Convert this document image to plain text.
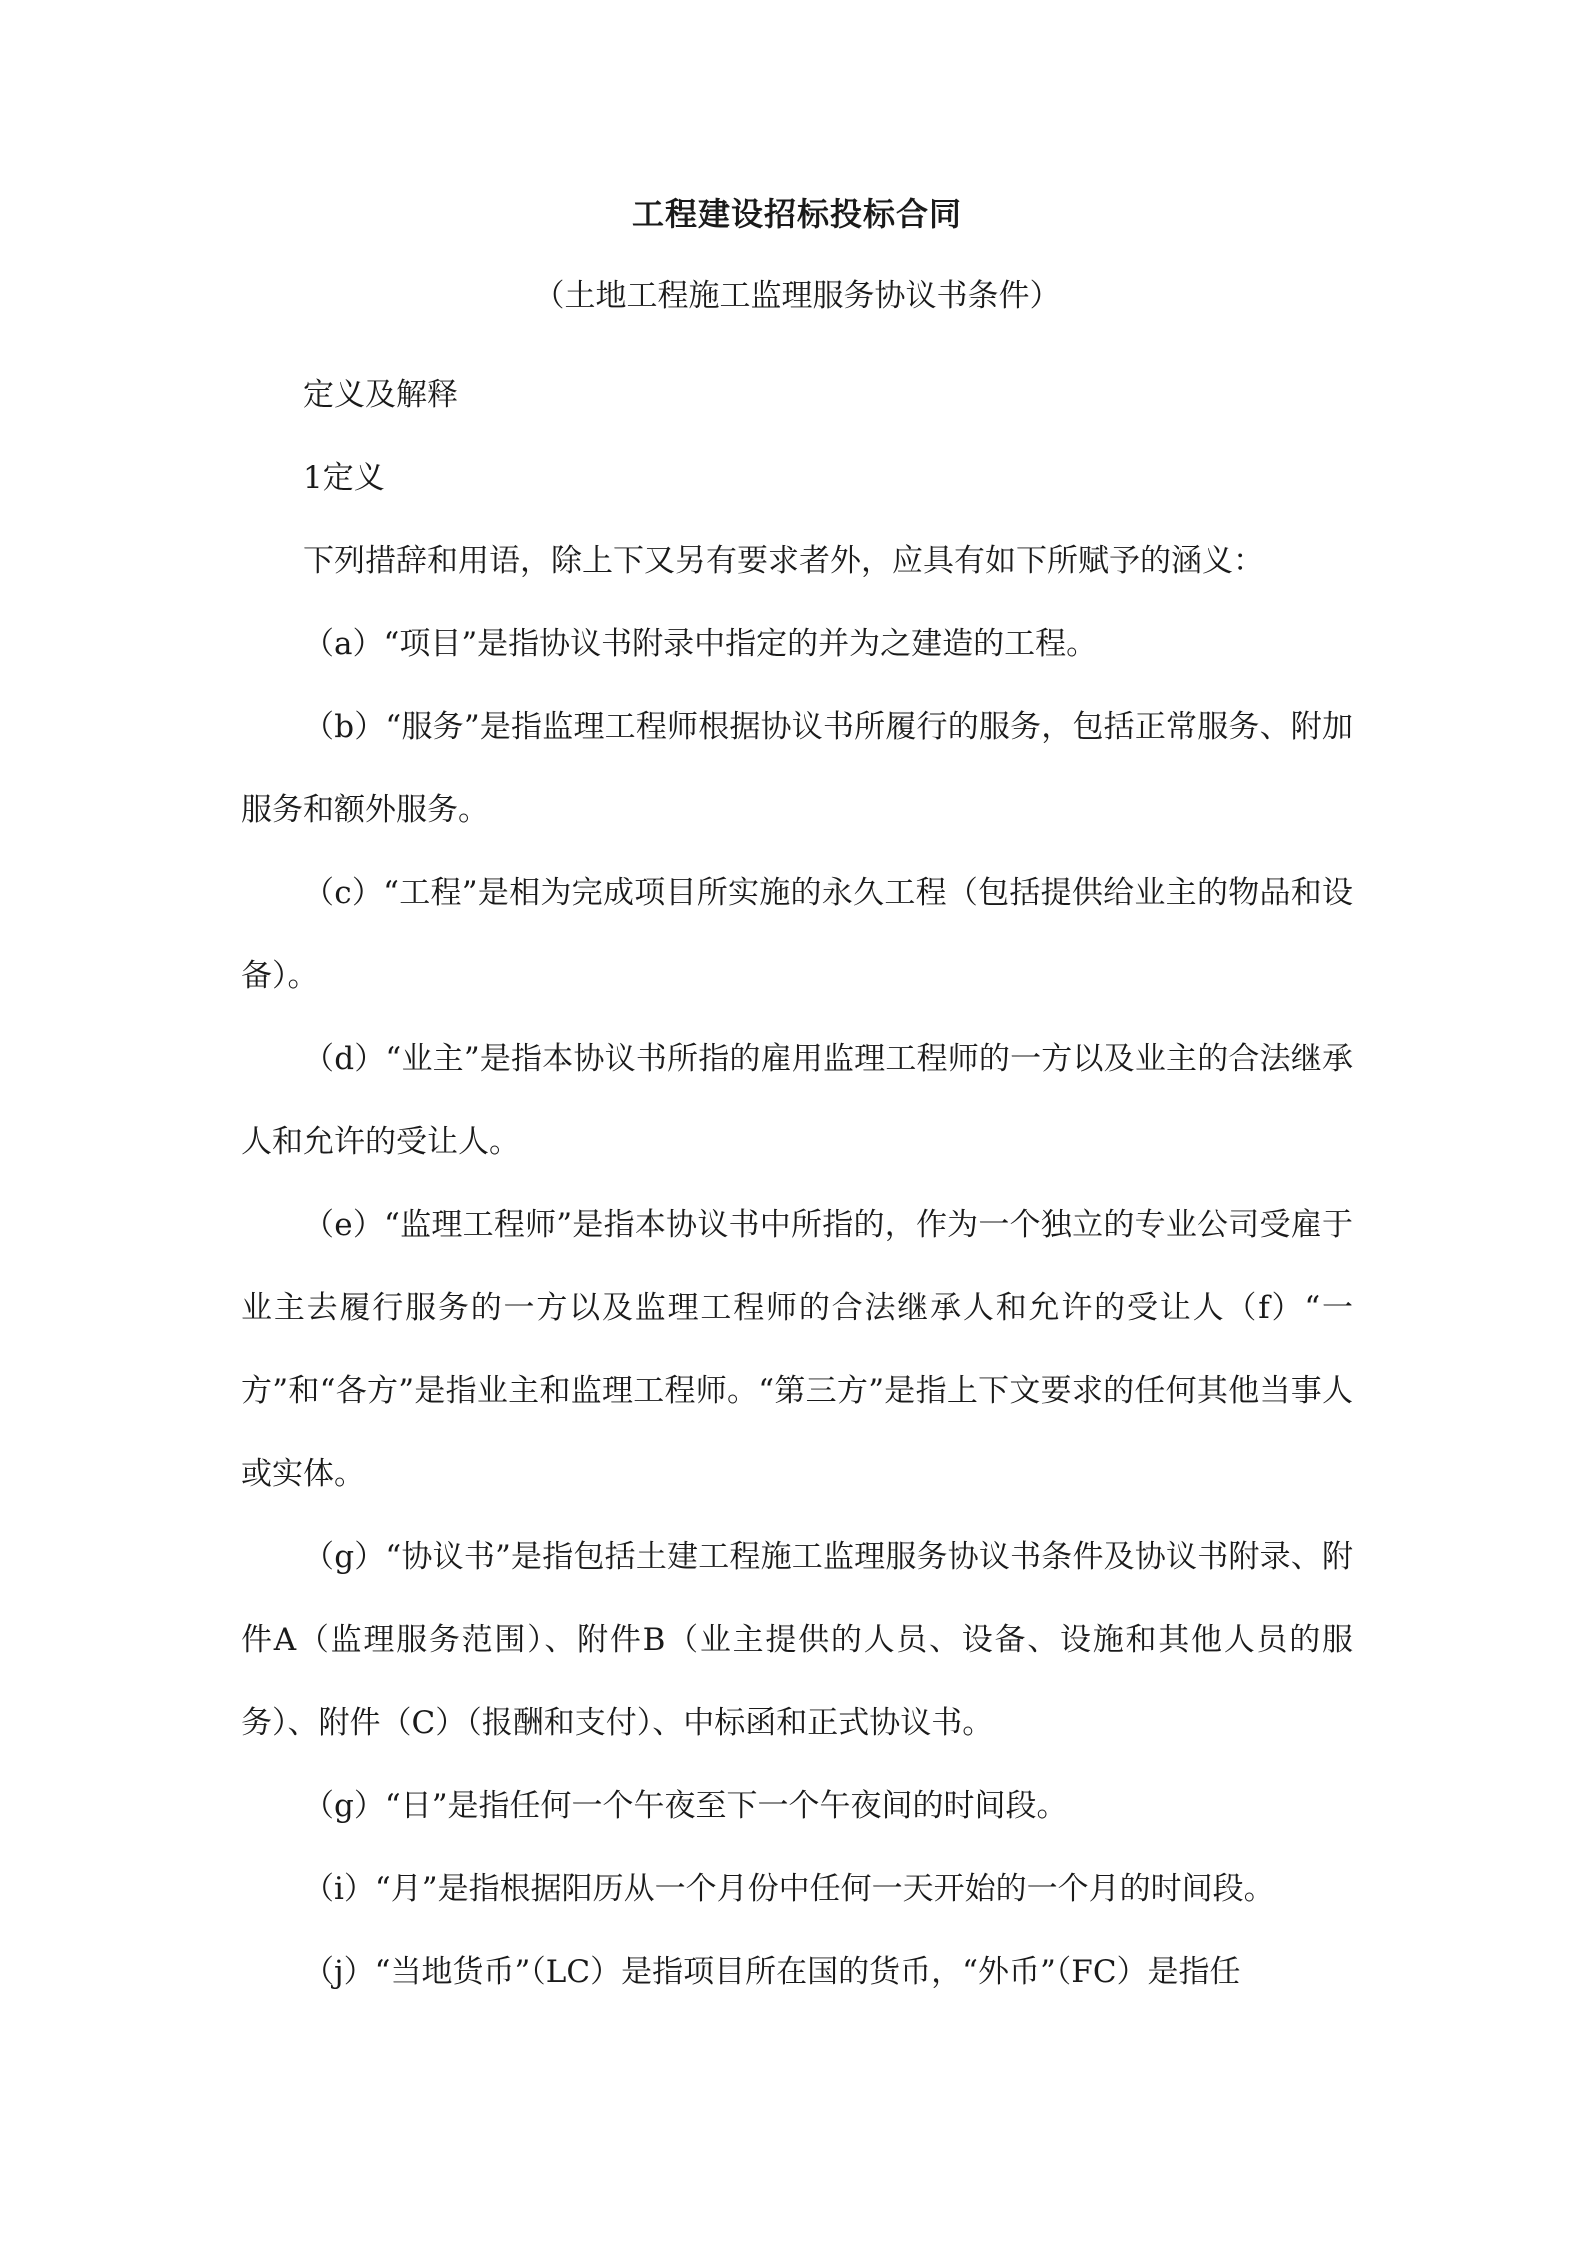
工程建设招标投标合同
（土地工程施工监理服务协议书条件）

定义及解释

1定义

下列措辞和用语，除上下又另有要求者外，应具有如下所赋予的涵义：

（a）“项目”是指协议书附录中指定的并为之建造的工程。

（b）“服务”是指监理工程师根据协议书所履行的服务，包括正常服务、附加服务和额外服务。

（c）“工程”是相为完成项目所实施的永久工程（包括提供给业主的物品和设备）。

（d）“业主”是指本协议书所指的雇用监理工程师的一方以及业主的合法继承人和允许的受让人。

（e）“监理工程师”是指本协议书中所指的，作为一个独立的专业公司受雇于业主去履行服务的一方以及监理工程师的合法继承人和允许的受让人（f）“一方”和“各方”是指业主和监理工程师。“第三方”是指上下文要求的任何其他当事人或实体。

（g）“协议书”是指包括土建工程施工监理服务协议书条件及协议书附录、附件A（监理服务范围）、附件B（业主提供的人员、设备、设施和其他人员的服务）、附件（C）（报酬和支付）、中标函和正式协议书。

（g）“日”是指任何一个午夜至下一个午夜间的时间段。

（i）“月”是指根据阳历从一个月份中任何一天开始的一个月的时间段。

（j）“当地货币”（LC）是指项目所在国的货币，“外币”（FC）是指任
